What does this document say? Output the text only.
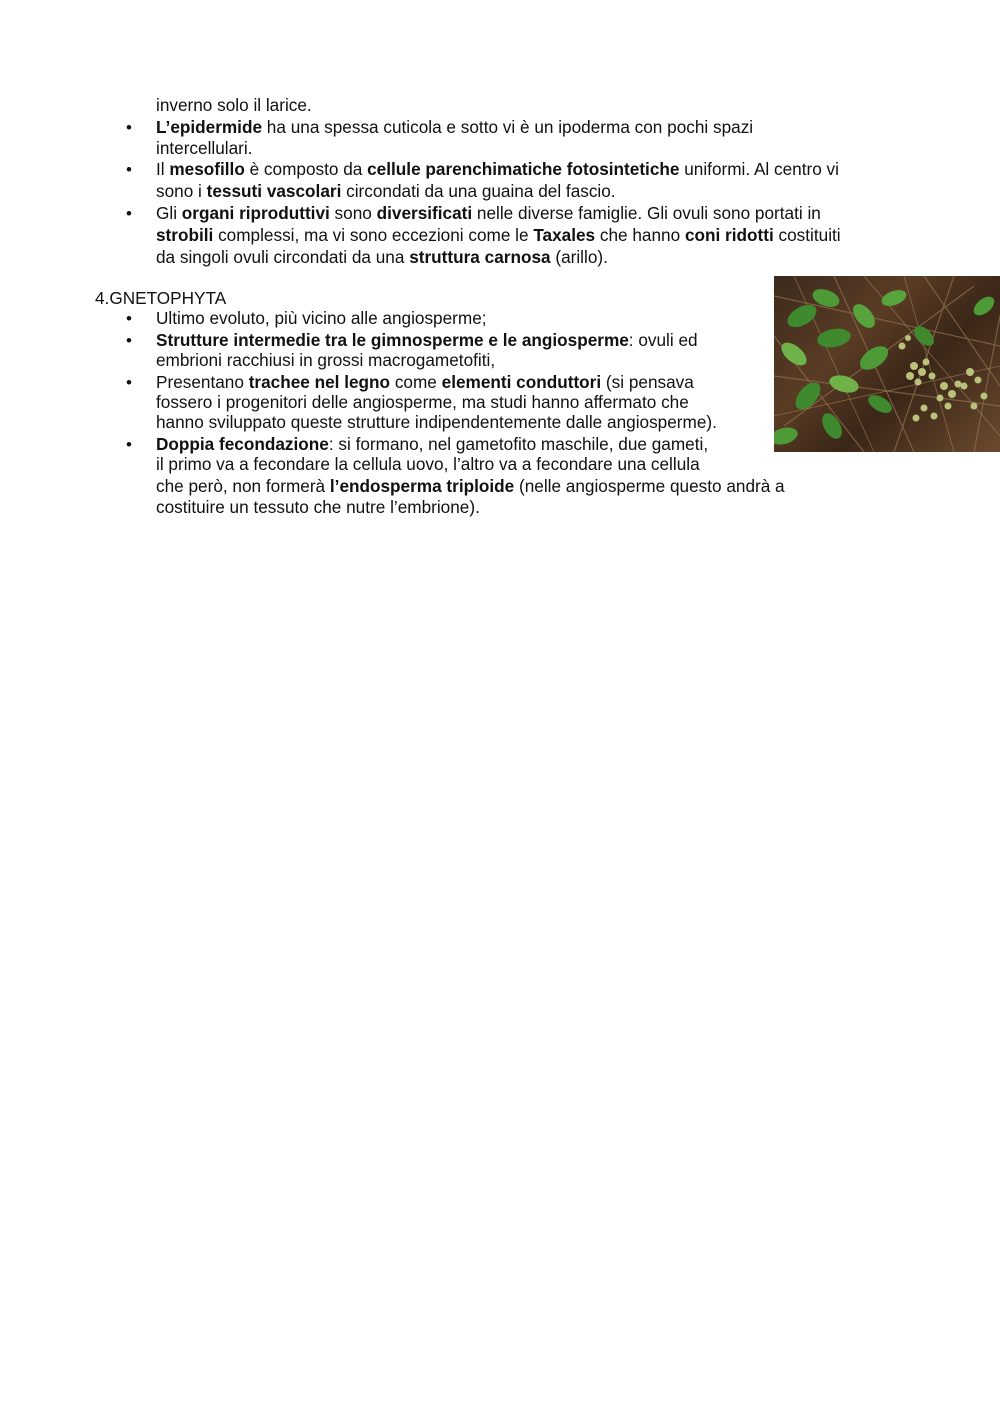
inverno solo il larice.
• L’epidermide ha una spessa cuticola e sotto vi è un ipoderma con pochi spazi
intercellulari.
• Il mesofillo è composto da cellule parenchimatiche fotosintetiche uniformi. Al centro vi
sono i tessuti vascolari circondati da una guaina del fascio.
• Gli organi riproduttivi sono diversificati nelle diverse famiglie. Gli ovuli sono portati in
strobili complessi, ma vi sono eccezioni come le Taxales che hanno coni ridotti costituiti
da singoli ovuli circondati da una struttura carnosa (arillo).
4.GNETOPHYTA
• Ultimo evoluto, più vicino alle angiosperme;
• Strutture intermedie tra le gimnosperme e le angiosperme: ovuli ed
embrioni racchiusi in grossi macrogametofiti,
• Presentano trachee nel legno come elementi conduttori (si pensava
fossero i progenitori delle angiosperme, ma studi hanno affermato che
hanno sviluppato queste strutture indipendentemente dalle angiosperme).
• Doppia fecondazione: si formano, nel gametofito maschile, due gameti,
il primo va a fecondare la cellula uovo, l’altro va a fecondare una cellula
che però, non formerà l’endosperma triploide (nelle angiosperme questo andrà a
costituire un tessuto che nutre l’embrione).
